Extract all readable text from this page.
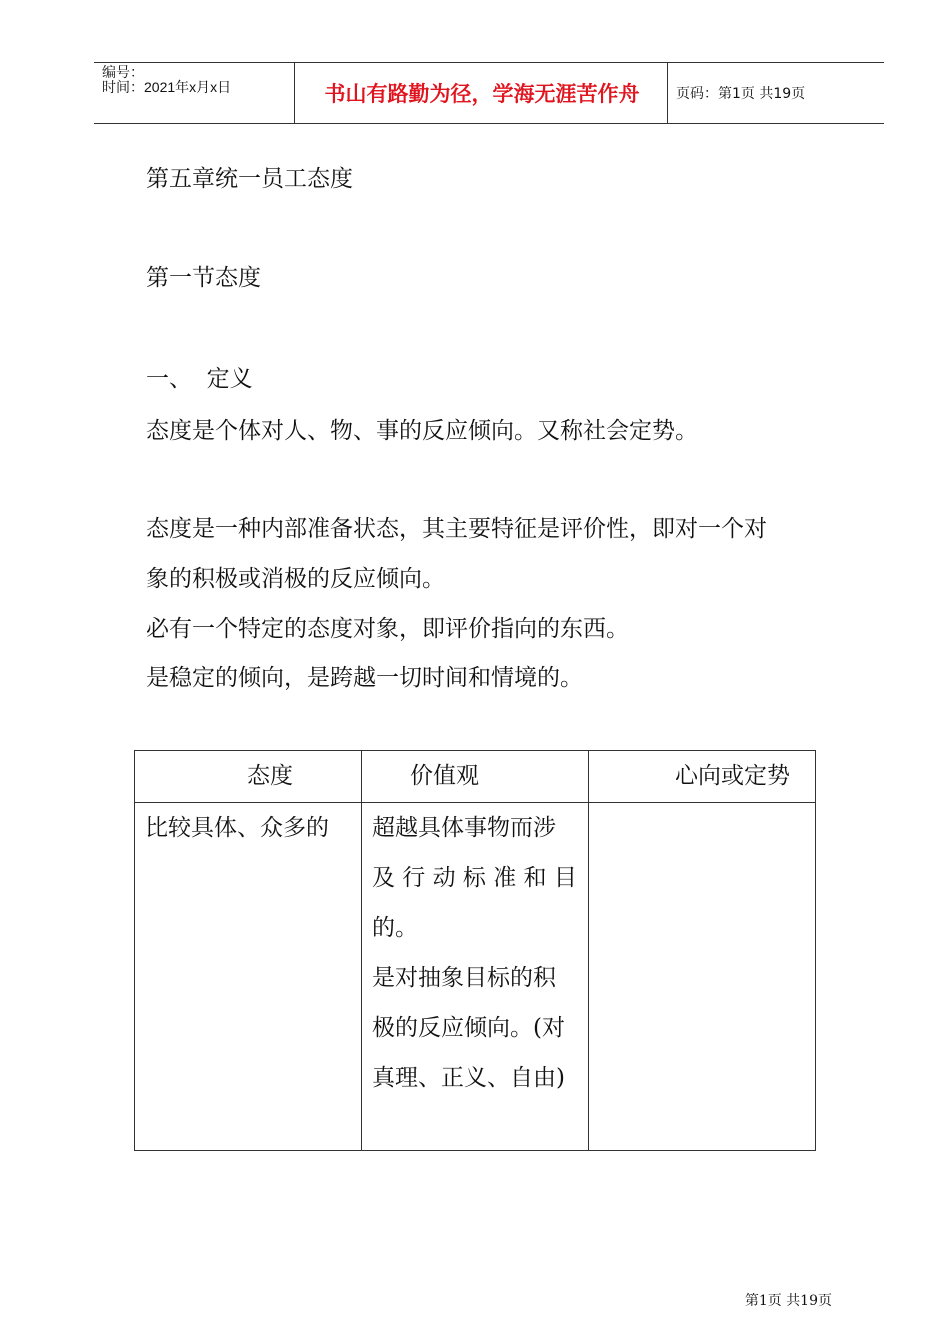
编号：
时间：2021年x月x日	书山有路勤为径，学海无涯苦作舟	页码：第1页 共19页
第五章统一员工态度
第一节态度
一、  定义
态度是个体对人、物、事的反应倾向。又称社会定势。
态度是一种内部准备状态，其主要特征是评价性，即对一个对
象的积极或消极的反应倾向。
必有一个特定的态度对象，即评价指向的东西。
是稳定的倾向，是跨越一切时间和情境的。
态度	价值观	心向或定势
比较具体、众多的 超越具体事物而涉
及 行 动 标 准 和 目
的。
是对抽象目标的积
极的反应倾向。(对
真理、正义、自由)
第1页 共19页
